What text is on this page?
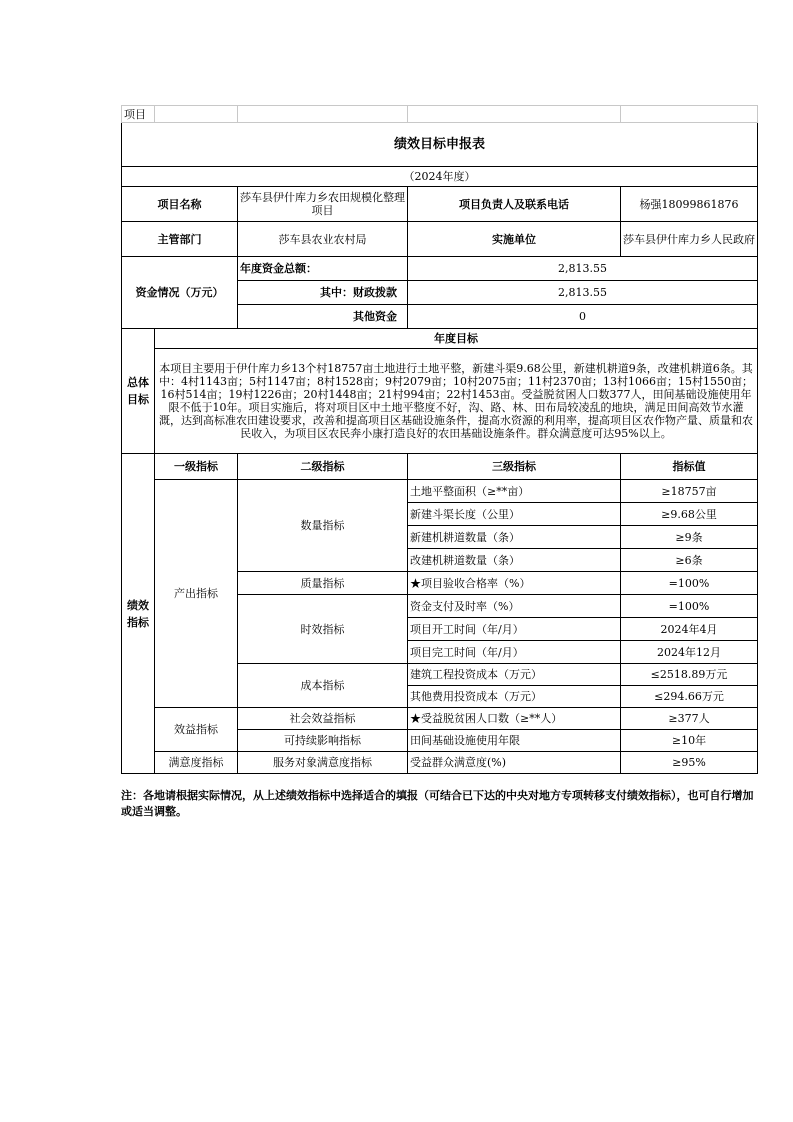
项目				
绩效目标申报表				
（2024年度）				
项目名称		莎车县伊什库力乡农田规模化整理项目	项目负责人及联系电话	杨强18099861876
主管部门		莎车县农业农村局	实施单位	莎车县伊什库力乡人民政府
资金情况（万元）		年度资金总额：	2,813.55	
		其中：财政拨款	2,813.55	
		其他资金	0	
总体目标	年度目标			
	本项目主要用于伊什库力乡13个村18757亩土地进行土地平整，新建斗渠9.68公里，新建机耕道9条，改建机耕道6条。其中：4村1143亩；5村1147亩；8村1528亩；9村2079亩；10村2075亩；11村2370亩；13村1066亩；15村1550亩；16村514亩；19村1226亩；20村1448亩；21村994亩；22村1453亩。受益脱贫困人口数377人，田间基础设施使用年限不低于10年。项目实施后，将对项目区中土地平整度不好，沟、路、林、田布局较凌乱的地块，满足田间高效节水灌溉，达到高标准农田建设要求，改善和提高项目区基础设施条件，提高水资源的利用率，提高项目区农作物产量、质量和农民收入，为项目区农民奔小康打造良好的农田基础设施条件。群众满意度可达95%以上。			
绩效指标	一级指标	二级指标	三级指标	指标值
	产出指标	数量指标	土地平整面积（≥**亩）	≥18757亩
			新建斗渠长度（公里）	≥9.68公里
			新建机耕道数量（条）	≥9条
			改建机耕道数量（条）	≥6条
		质量指标	★项目验收合格率（%）	=100%
		时效指标	资金支付及时率（%）	=100%
			项目开工时间（年/月）	2024年4月
			项目完工时间（年/月）	2024年12月
		成本指标	建筑工程投资成本（万元）	≤2518.89万元
			其他费用投资成本（万元）	≤294.66万元
	效益指标	社会效益指标	★受益脱贫困人口数（≥**人）	≥377人
		可持续影响指标	田间基础设施使用年限	≥10年
	满意度指标	服务对象满意度指标	受益群众满意度(%)	≥95%
注：各地请根据实际情况，从上述绩效指标中选择适合的填报（可结合已下达的中央对地方专项转移支付绩效指标），也可自行增加或适当调整。
